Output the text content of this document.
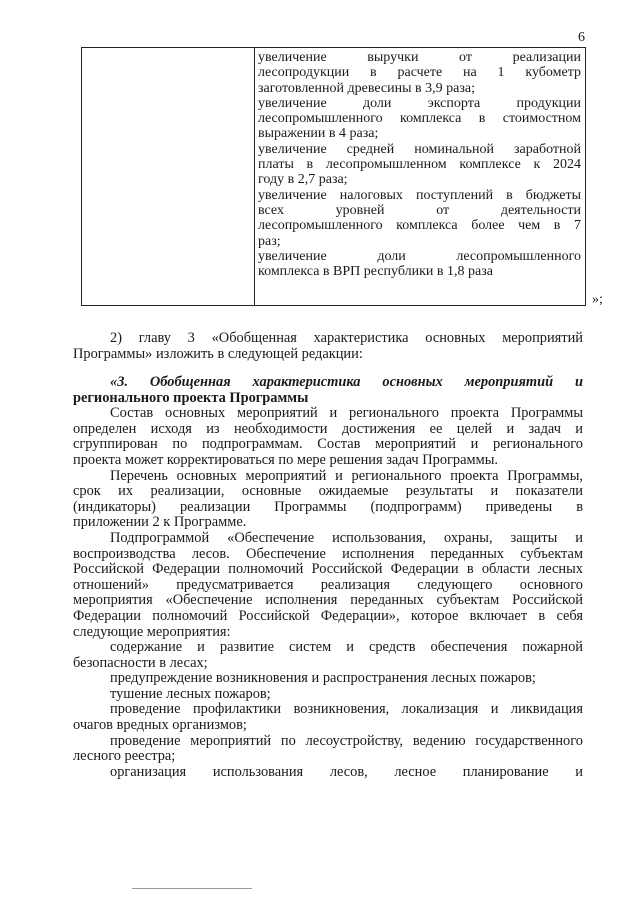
6
увеличение выручки от реализации
лесопродукции в расчете на 1 кубометр
заготовленной древесины в 3,9 раза;
увеличение доли экспорта продукции
лесопромышленного комплекса в стоимостном
выражении в 4 раза;
увеличение средней номинальной заработной
платы в лесопромышленном комплексе к 2024
году в 2,7 раза;
увеличение налоговых поступлений в бюджеты
всех уровней от деятельности
лесопромышленного комплекса более чем в 7
раз;
увеличение доли лесопромышленного
комплекса в ВРП республики в 1,8 раза
»;
2) главу 3 «Обобщенная характеристика основных мероприятий
Программы» изложить в следующей редакции:
«3. Обобщенная характеристика основных мероприятий и
регионального проекта Программы
Состав основных мероприятий и регионального проекта Программы
определен исходя из необходимости достижения ее целей и задач и
сгруппирован по подпрограммам. Состав мероприятий и регионального
проекта может корректироваться по мере решения задач Программы.
Перечень основных мероприятий и регионального проекта Программы,
срок их реализации, основные ожидаемые результаты и показатели
(индикаторы) реализации Программы (подпрограмм) приведены в
приложении 2 к Программе.
Подпрограммой «Обеспечение использования, охраны, защиты и
воспроизводства лесов. Обеспечение исполнения переданных субъектам
Российской Федерации полномочий Российской Федерации в области лесных
отношений» предусматривается реализация следующего основного
мероприятия «Обеспечение исполнения переданных субъектам Российской
Федерации полномочий Российской Федерации», которое включает в себя
следующие мероприятия:
содержание и развитие систем и средств обеспечения пожарной
безопасности в лесах;
предупреждение возникновения и распространения лесных пожаров;
тушение лесных пожаров;
проведение профилактики возникновения, локализация и ликвидация
очагов вредных организмов;
проведение мероприятий по лесоустройству, ведению государственного
лесного реестра;
организация использования лесов, лесное планирование и
